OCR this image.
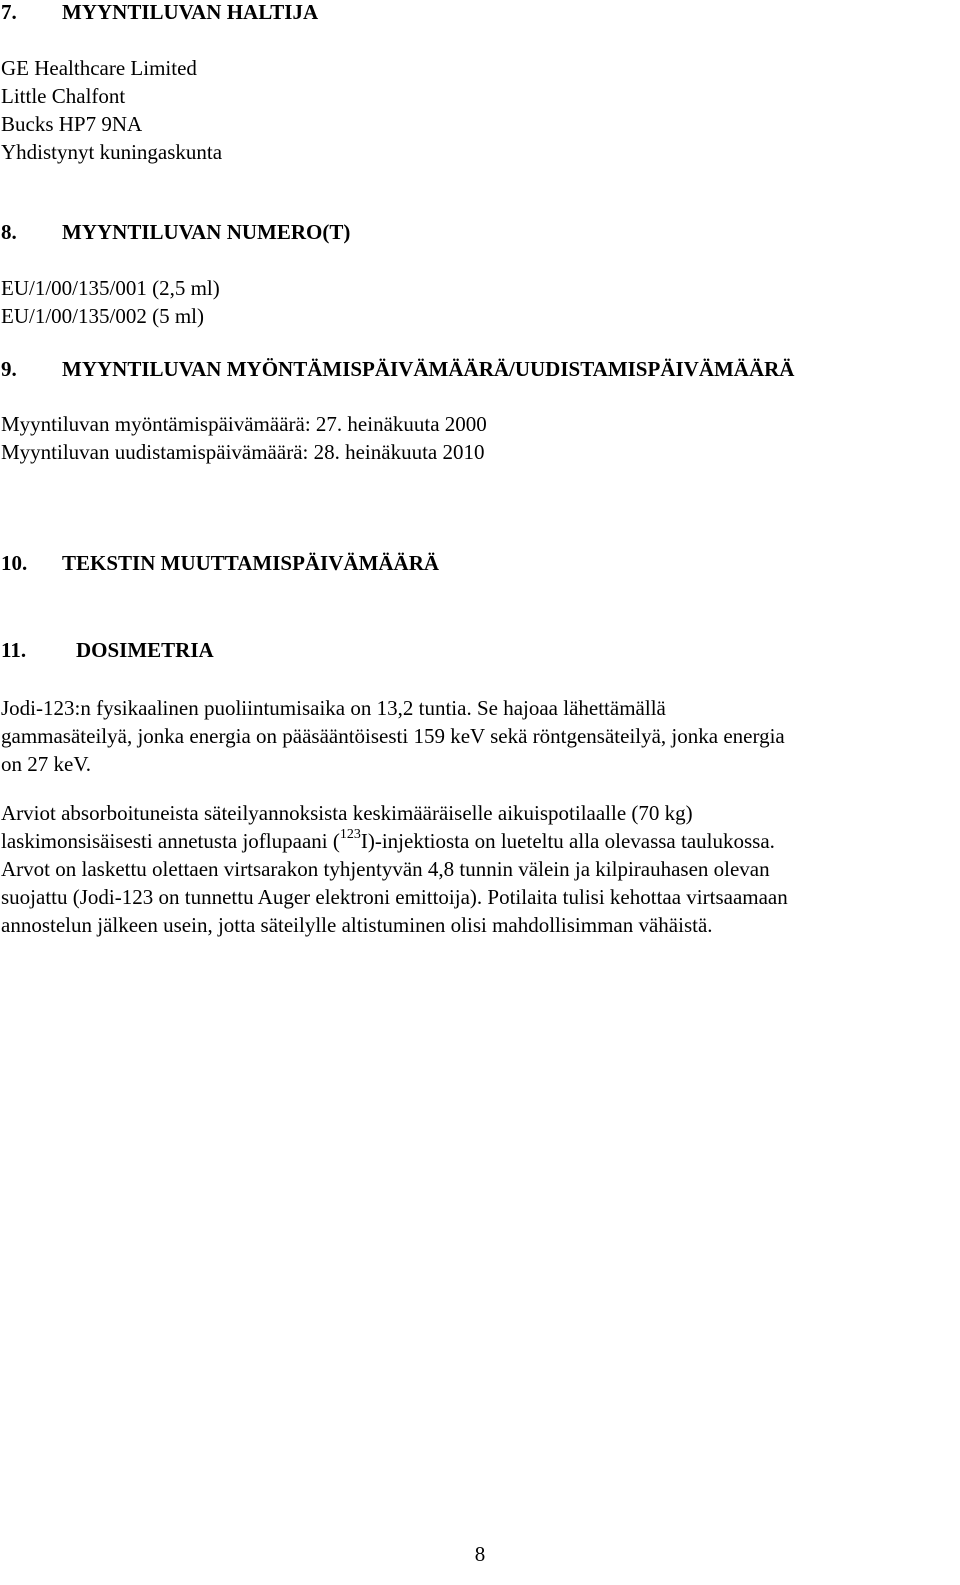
7. MYYNTILUVAN HALTIJA
GE Healthcare Limited
Little Chalfont
Bucks HP7 9NA
Yhdistynyt kuningaskunta
8. MYYNTILUVAN NUMERO(T)
EU/1/00/135/001 (2,5 ml)
EU/1/00/135/002 (5 ml)
9. MYYNTILUVAN MYÖNTÄMISPÄIVÄMÄÄRÄ/UUDISTAMISPÄIVÄMÄÄRÄ
Myyntiluvan myöntämispäivämäärä: 27. heinäkuuta 2000
Myyntiluvan uudistamispäivämäärä: 28. heinäkuuta 2010
10. TEKSTIN MUUTTAMISPÄIVÄMÄÄRÄ
11. DOSIMETRIA
Jodi-123:n fysikaalinen puoliintumisaika on 13,2 tuntia. Se hajoaa lähettämällä
gammasäteilyä, jonka energia on pääsääntöisesti 159 keV sekä röntgensäteilyä, jonka energia
on 27 keV.
Arviot absorboituneista säteilyannoksista keskimääräiselle aikuispotilaalle (70 kg)
laskimonsisäisesti annetusta joflupaani ($^{123}$I)-injektiosta on lueteltu alla olevassa taulukossa.
Arvot on laskettu olettaen virtsarakon tyhjentyvän 4,8 tunnin välein ja kilpirauhasen olevan
suojattu (Jodi-123 on tunnettu Auger elektroni emittoija). Potilaita tulisi kehottaa virtsaamaan
annostelun jälkeen usein, jotta säteilylle altistuminen olisi mahdollisimman vähäistä.
8
